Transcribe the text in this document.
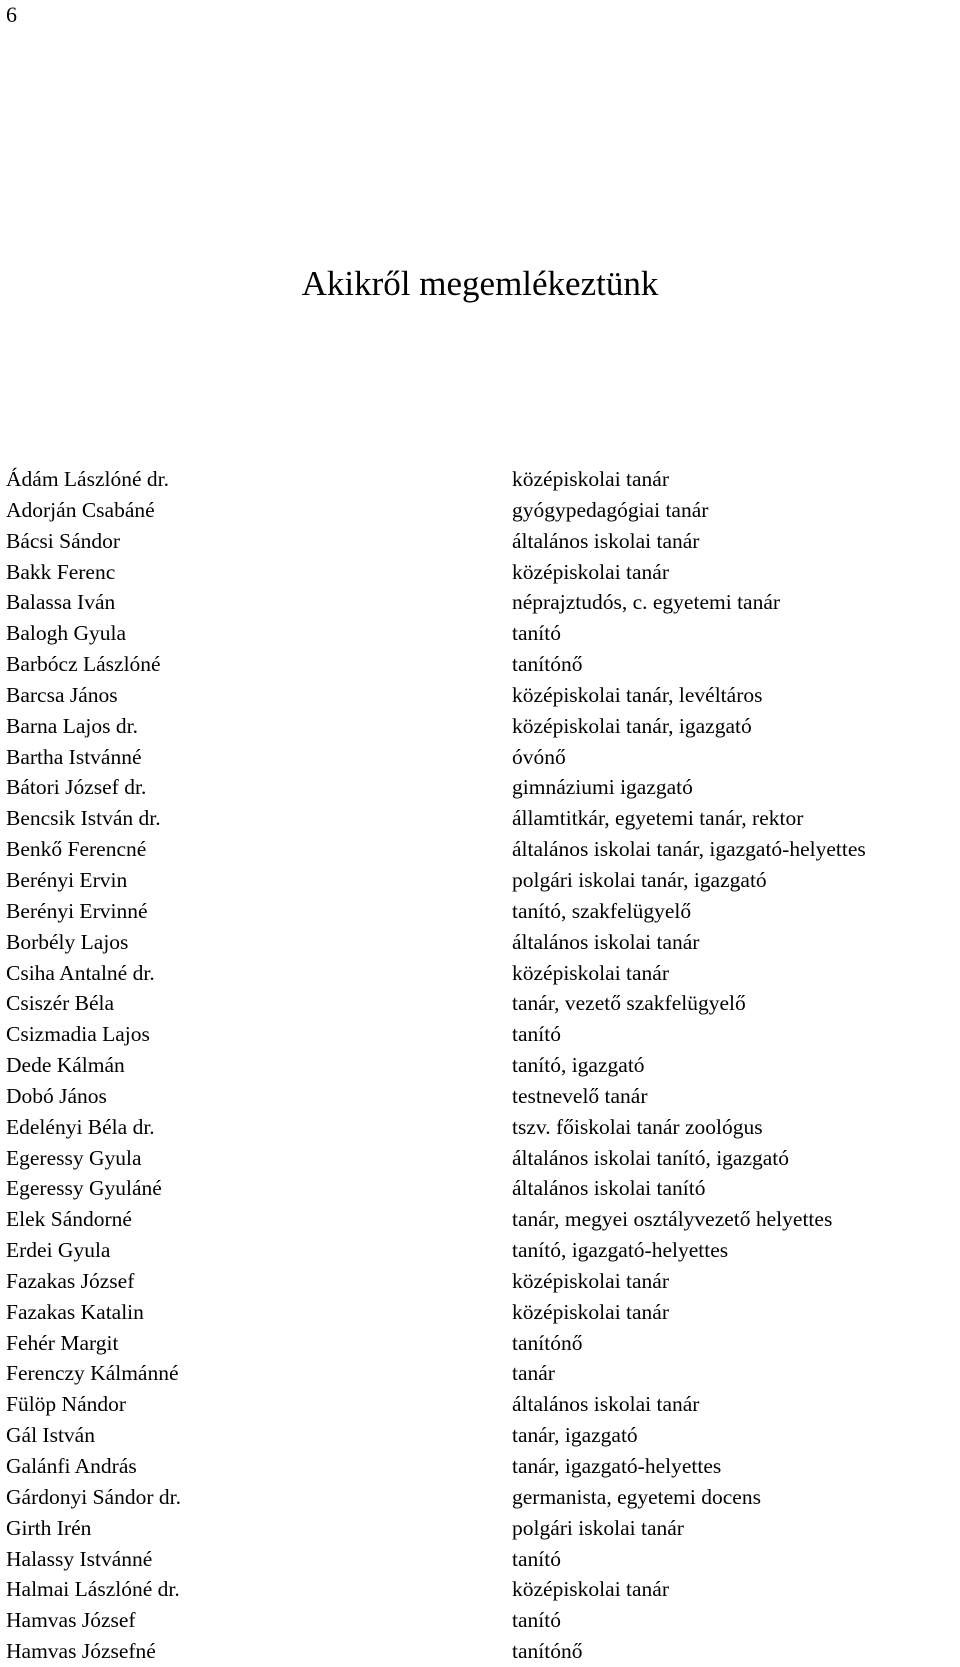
6
Akikről megemlékeztünk
Ádám Lászlóné dr.	középiskolai tanár
Adorján Csabáné	gyógypedagógiai tanár
Bácsi Sándor	általános iskolai tanár
Bakk Ferenc	középiskolai tanár
Balassa Iván	néprajztudós, c. egyetemi tanár
Balogh Gyula	tanító
Barbócz Lászlóné	tanítónő
Barcsa János	középiskolai tanár, levéltáros
Barna Lajos dr.	középiskolai tanár, igazgató
Bartha Istvánné	óvónő
Bátori József dr.	gimnáziumi igazgató
Bencsik István dr.	államtitkár, egyetemi tanár, rektor
Benkő Ferencné	általános iskolai tanár, igazgató-helyettes
Berényi Ervin	polgári iskolai tanár, igazgató
Berényi Ervinné	tanító, szakfelügyelő
Borbély Lajos	általános iskolai tanár
Csiha Antalné dr.	középiskolai tanár
Csiszér Béla	tanár, vezető szakfelügyelő
Csizmadia Lajos	tanító
Dede Kálmán	tanító, igazgató
Dobó János	testnevelő tanár
Edelényi Béla dr.	tszv. főiskolai tanár zoológus
Egeressy Gyula	általános iskolai tanító, igazgató
Egeressy Gyuláné	általános iskolai tanító
Elek Sándorné	tanár, megyei osztályvezető helyettes
Erdei Gyula	tanító, igazgató-helyettes
Fazakas József	középiskolai tanár
Fazakas Katalin	középiskolai tanár
Fehér Margit	tanítónő
Ferenczy Kálmánné	tanár
Fülöp Nándor	általános iskolai tanár
Gál István	tanár, igazgató
Galánfi András	tanár, igazgató-helyettes
Gárdonyi Sándor dr.	germanista, egyetemi docens
Girth Irén	polgári iskolai tanár
Halassy Istvánné	tanító
Halmai Lászlóné dr.	középiskolai tanár
Hamvas József	tanító
Hamvas Józsefné	tanítónő
